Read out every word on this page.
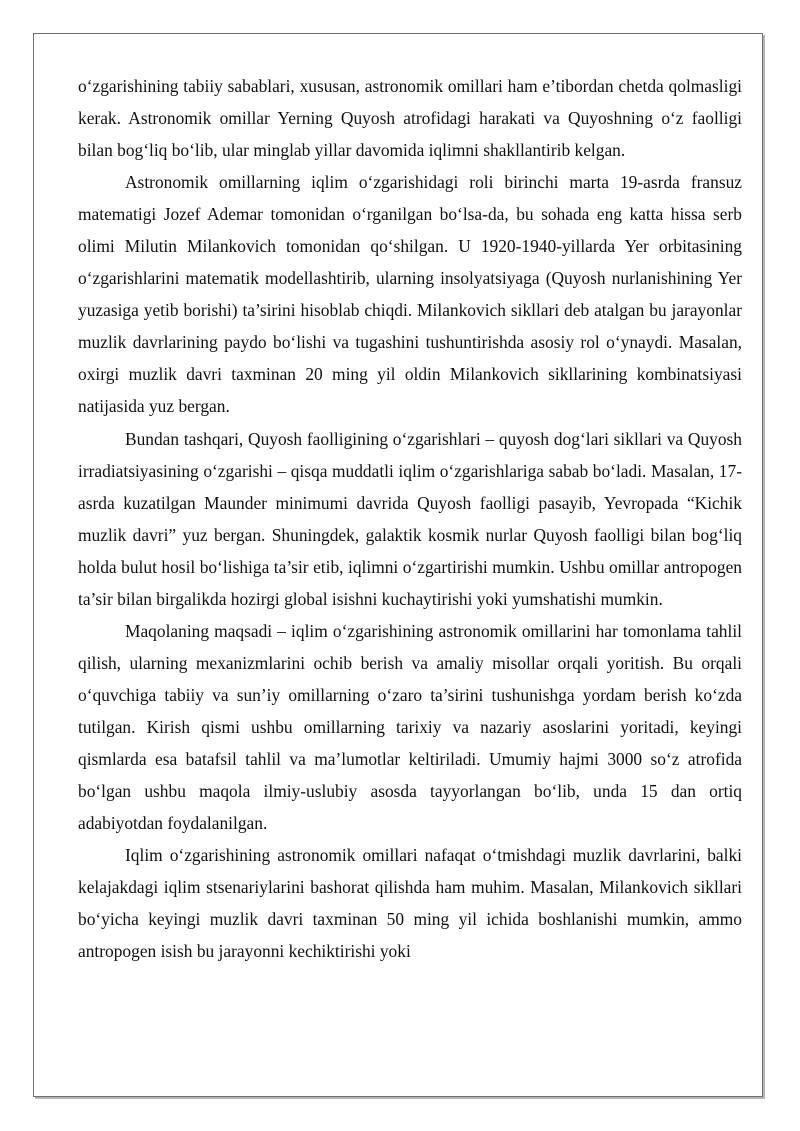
o‘zgarishining tabiiy sabablari, xususan, astronomik omillari ham e’tibordan chetda qolmasligi kerak. Astronomik omillar Yerning Quyosh atrofidagi harakati va Quyoshning o‘z faolligi bilan bog‘liq bo‘lib, ular minglab yillar davomida iqlimni shakllantirib kelgan.

Astronomik omillarning iqlim o‘zgarishidagi roli birinchi marta 19-asrda fransuz matematigi Jozef Ademar tomonidan o‘rganilgan bo‘lsa-da, bu sohada eng katta hissa serb olimi Milutin Milankovich tomonidan qo‘shilgan. U 1920-1940-yillarda Yer orbitasining o‘zgarishlarini matematik modellashtirib, ularning insolyatsiyaga (Quyosh nurlanishining Yer yuzasiga yetib borishi) ta’sirini hisoblab chiqdi. Milankovich sikllari deb atalgan bu jarayonlar muzlik davrlarining paydo bo‘lishi va tugashini tushuntirishda asosiy rol o‘ynaydi. Masalan, oxirgi muzlik davri taxminan 20 ming yil oldin Milankovich sikllarining kombinatsiyasi natijasida yuz bergan.

Bundan tashqari, Quyosh faolligining o‘zgarishlari – quyosh dog‘lari sikllari va Quyosh irradiatsiyasining o‘zgarishi – qisqa muddatli iqlim o‘zgarishlariga sabab bo‘ladi. Masalan, 17-asrda kuzatilgan Maunder minimumi davrida Quyosh faolligi pasayib, Yevropada “Kichik muzlik davri” yuz bergan. Shuningdek, galaktik kosmik nurlar Quyosh faolligi bilan bog‘liq holda bulut hosil bo‘lishiga ta’sir etib, iqlimni o‘zgartirishi mumkin. Ushbu omillar antropogen ta’sir bilan birgalikda hozirgi global isishni kuchaytirishi yoki yumshatishi mumkin.

Maqolaning maqsadi – iqlim o‘zgarishining astronomik omillarini har tomonlama tahlil qilish, ularning mexanizmlarini ochib berish va amaliy misollar orqali yoritish. Bu orqali o‘quvchiga tabiiy va sun’iy omillarning o‘zaro ta’sirini tushunishga yordam berish ko‘zda tutilgan. Kirish qismi ushbu omillarning tarixiy va nazariy asoslarini yoritadi, keyingi qismlarda esa batafsil tahlil va ma’lumotlar keltiriladi. Umumiy hajmi 3000 so‘z atrofida bo‘lgan ushbu maqola ilmiy-uslubiy asosda tayyorlangan bo‘lib, unda 15 dan ortiq adabiyotdan foydalanilgan.

Iqlim o‘zgarishining astronomik omillari nafaqat o‘tmishdagi muzlik davrlarini, balki kelajakdagi iqlim stsenariylarini bashorat qilishda ham muhim. Masalan, Milankovich sikllari bo‘yicha keyingi muzlik davri taxminan 50 ming yil ichida boshlanishi mumkin, ammo antropogen isish bu jarayonni kechiktirishi yoki
